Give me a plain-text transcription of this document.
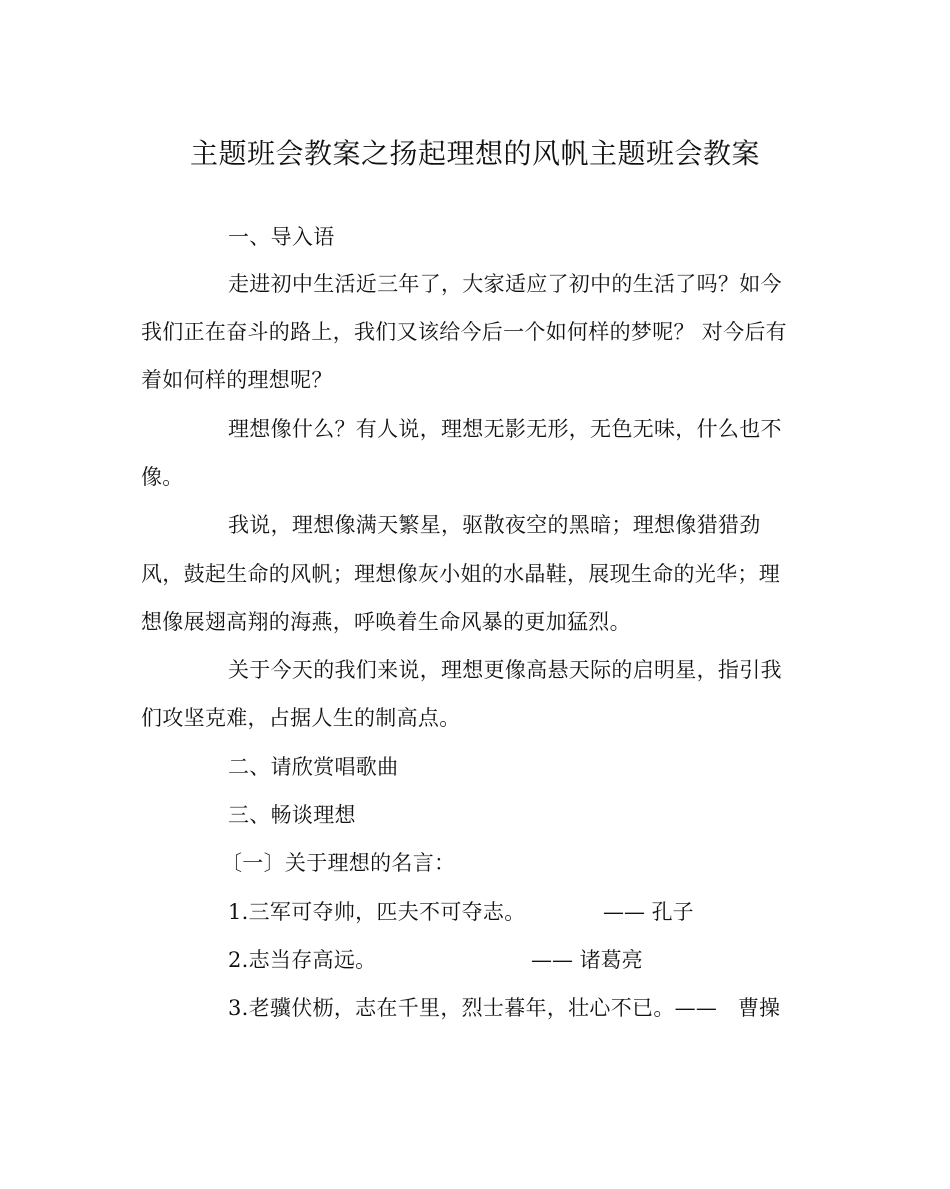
主题班会教案之扬起理想的风帆主题班会教案
一、导入语
走进初中生活近三年了，大家适应了初中的生活了吗？如今
我们正在奋斗的路上，我们又该给今后一个如何样的梦呢？ 对今后有
着如何样的理想呢？
理想像什么？有人说，理想无影无形，无色无味，什么也不
像。
我说，理想像满天繁星，驱散夜空的黑暗；理想像猎猎劲
风，鼓起生命的风帆；理想像灰小姐的水晶鞋，展现生命的光华；理
想像展翅高翔的海燕，呼唤着生命风暴的更加猛烈。
关于今天的我们来说，理想更像高悬天际的启明星，指引我
们攻坚克难，占据人生的制高点。
二、请欣赏唱歌曲
三、畅谈理想
〔一〕关于理想的名言：
1.三军可夺帅，匹夫不可夺志。	—— 孔子
2.志当存高远。	—— 诸葛亮
3.老骥伏枥，志在千里，烈士暮年，壮心不已。—— 曹操
